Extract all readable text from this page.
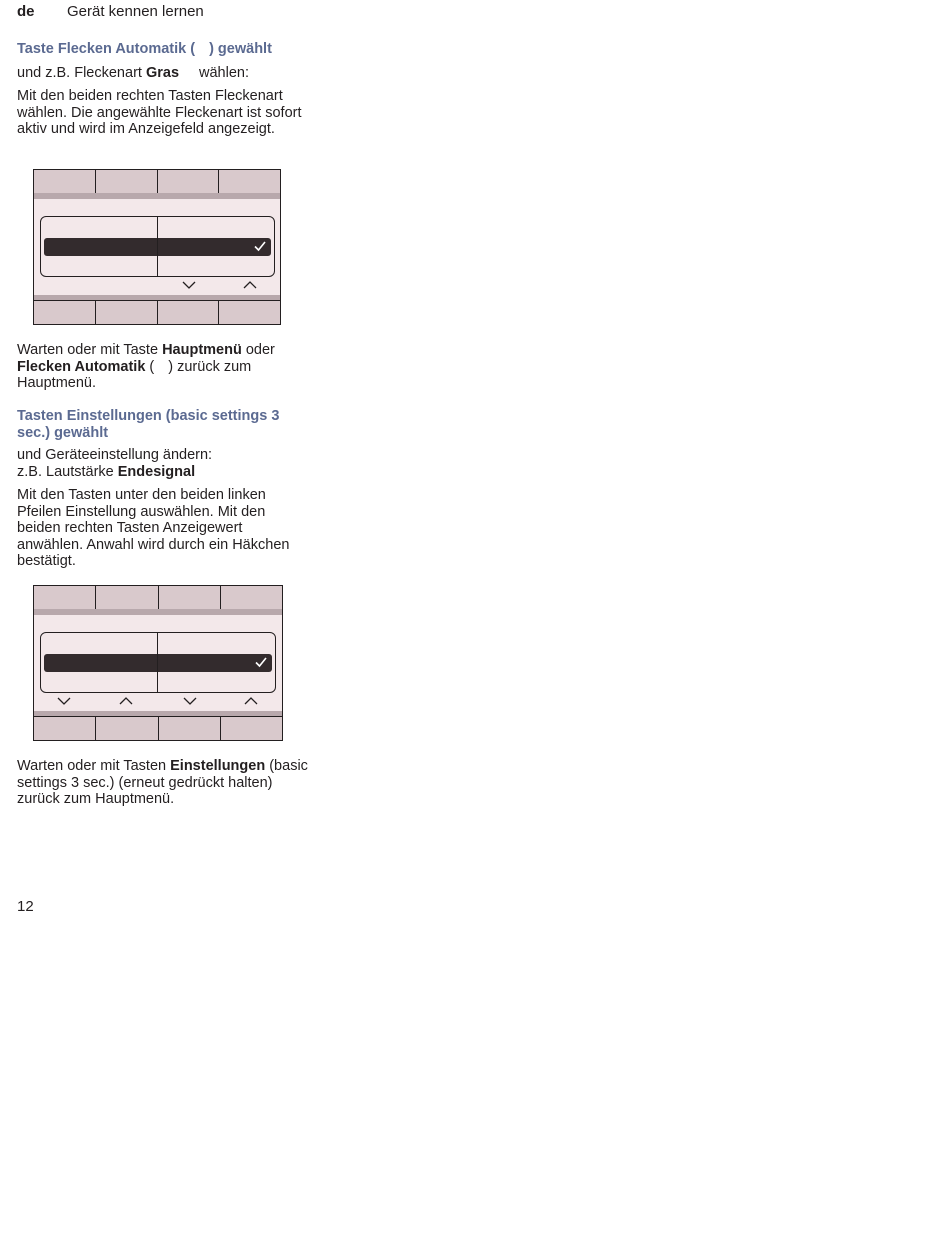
de Gerät kennen lernen
Taste Flecken Automatik ( ) gewählt
und z.B. Fleckenart Gras wählen:
Mit den beiden rechten Tasten Fleckenart wählen. Die angewählte Fleckenart ist sofort aktiv und wird im Anzeigefeld angezeigt.
Warten oder mit Taste Hauptmenü oder Flecken Automatik ( ) zurück zum Hauptmenü.
Tasten Einstellungen (basic settings 3 sec.) gewählt
und Geräteeinstellung ändern:
z.B. Lautstärke Endesignal
Mit den Tasten unter den beiden linken Pfeilen Einstellung auswählen. Mit den beiden rechten Tasten Anzeigewert anwählen. Anwahl wird durch ein Häkchen bestätigt.
Warten oder mit Tasten Einstellungen (basic settings 3 sec.) (erneut gedrückt halten) zurück zum Hauptmenü.
12
